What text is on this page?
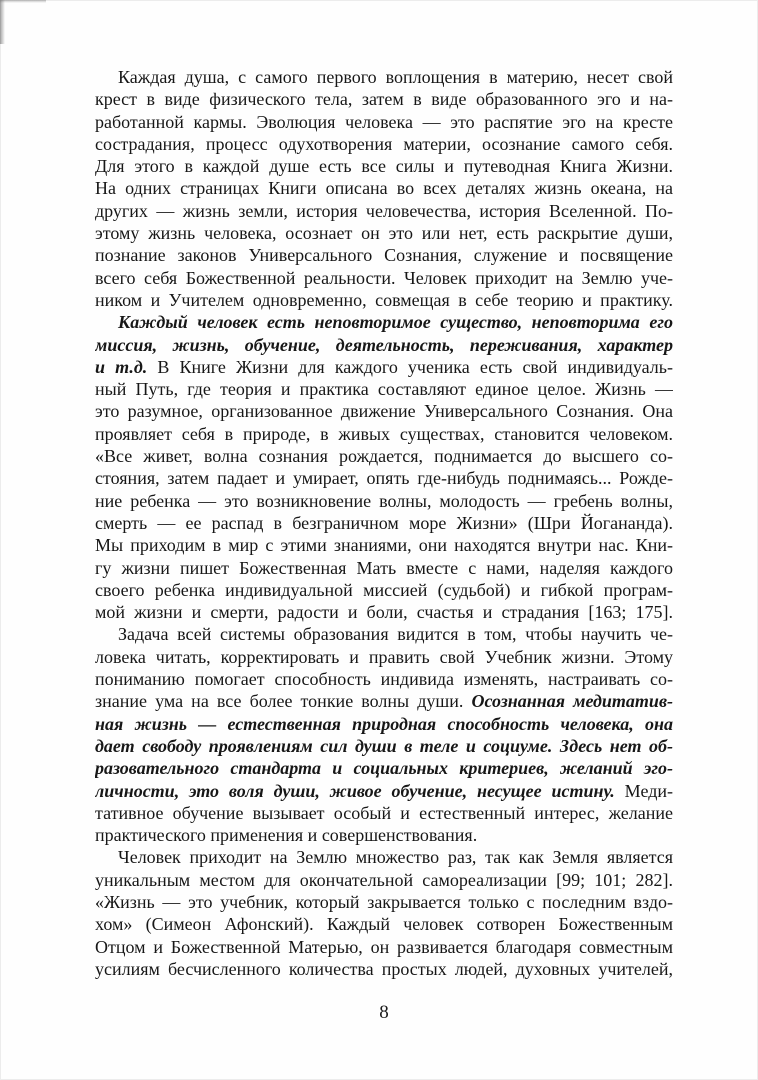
Каждая душа, с самого первого воплощения в материю, несет свой
крест в виде физического тела, затем в виде образованного эго и на-
работанной кармы. Эволюция человека — это распятие эго на кресте
сострадания, процесс одухотворения материи, осознание самого себя.
Для этого в каждой душе есть все силы и путеводная Книга Жизни.
На одних страницах Книги описана во всех деталях жизнь океана, на
других — жизнь земли, история человечества, история Вселенной. По-
этому жизнь человека, осознает он это или нет, есть раскрытие души,
познание законов Универсального Сознания, служение и посвящение
всего себя Божественной реальности. Человек приходит на Землю уче-
ником и Учителем одновременно, совмещая в себе теорию и практику.
Каждый человек есть неповторимое существо, неповторима его
миссия, жизнь, обучение, деятельность, переживания, характер
и т.д. В Книге Жизни для каждого ученика есть свой индивидуаль-
ный Путь, где теория и практика составляют единое целое. Жизнь —
это разумное, организованное движение Универсального Сознания. Она
проявляет себя в природе, в живых существах, становится человеком.
«Все живет, волна сознания рождается, поднимается до высшего со-
стояния, затем падает и умирает, опять где-нибудь поднимаясь... Рожде-
ние ребенка — это возникновение волны, молодость — гребень волны,
смерть — ее распад в безграничном море Жизни» (Шри Йогананда).
Мы приходим в мир с этими знаниями, они находятся внутри нас. Кни-
гу жизни пишет Божественная Мать вместе с нами, наделяя каждого
своего ребенка индивидуальной миссией (судьбой) и гибкой програм-
мой жизни и смерти, радости и боли, счастья и страдания [163; 175].
Задача всей системы образования видится в том, чтобы научить че-
ловека читать, корректировать и править свой Учебник жизни. Этому
пониманию помогает способность индивида изменять, настраивать со-
знание ума на все более тонкие волны души. Осознанная медитатив-
ная жизнь — естественная природная способность человека, она
дает свободу проявлениям сил души в теле и социуме. Здесь нет об-
разовательного стандарта и социальных критериев, желаний эго-
личности, это воля души, живое обучение, несущее истину. Меди-
тативное обучение вызывает особый и естественный интерес, желание
практического применения и совершенствования.
Человек приходит на Землю множество раз, так как Земля является
уникальным местом для окончательной самореализации [99; 101; 282].
«Жизнь — это учебник, который закрывается только с последним вздо-
хом» (Симеон Афонский). Каждый человек сотворен Божественным
Отцом и Божественной Матерью, он развивается благодаря совместным
усилиям бесчисленного количества простых людей, духовных учителей,
8
